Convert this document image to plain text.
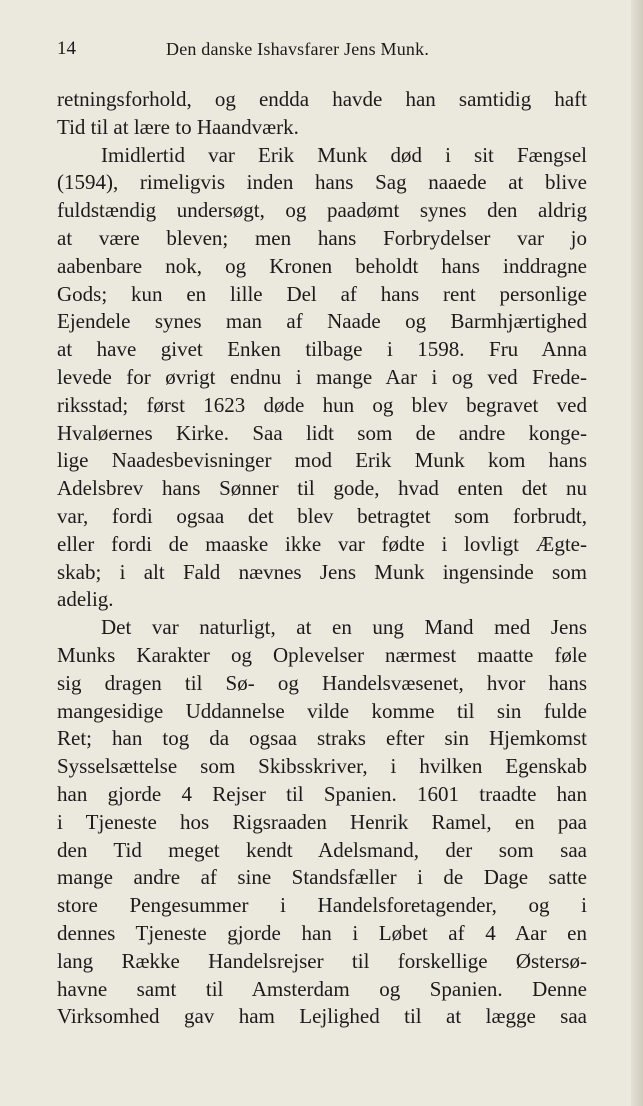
14	Den danske Ishavsfarer Jens Munk.
retningsforhold, og endda havde han samtidig haft
Tid til at lære to Haandværk.
Imidlertid var Erik Munk død i sit Fængsel
(1594), rimeligvis inden hans Sag naaede at blive
fuldstændig undersøgt, og paadømt synes den aldrig
at være bleven; men hans Forbrydelser var jo
aabenbare nok, og Kronen beholdt hans inddragne
Gods; kun en lille Del af hans rent personlige
Ejendele synes man af Naade og Barmhjærtighed
at have givet Enken tilbage i 1598. Fru Anna
levede for øvrigt endnu i mange Aar i og ved Frede-
riksstad; først 1623 døde hun og blev begravet ved
Hvaløernes Kirke. Saa lidt som de andre konge-
lige Naadesbevisninger mod Erik Munk kom hans
Adelsbrev hans Sønner til gode, hvad enten det nu
var, fordi ogsaa det blev betragtet som forbrudt,
eller fordi de maaske ikke var fødte i lovligt Ægte-
skab; i alt Fald nævnes Jens Munk ingensinde som
adelig.
Det var naturligt, at en ung Mand med Jens
Munks Karakter og Oplevelser nærmest maatte føle
sig dragen til Sø- og Handelsvæsenet, hvor hans
mangesidige Uddannelse vilde komme til sin fulde
Ret; han tog da ogsaa straks efter sin Hjemkomst
Sysselsættelse som Skibsskriver, i hvilken Egenskab
han gjorde 4 Rejser til Spanien. 1601 traadte han
i Tjeneste hos Rigsraaden Henrik Ramel, en paa
den Tid meget kendt Adelsmand, der som saa
mange andre af sine Standsfæller i de Dage satte
store Pengesummer i Handelsforetagender, og i
dennes Tjeneste gjorde han i Løbet af 4 Aar en
lang Række Handelsrejser til forskellige Østersø-
havne samt til Amsterdam og Spanien. Denne
Virksomhed gav ham Lejlighed til at lægge saa
